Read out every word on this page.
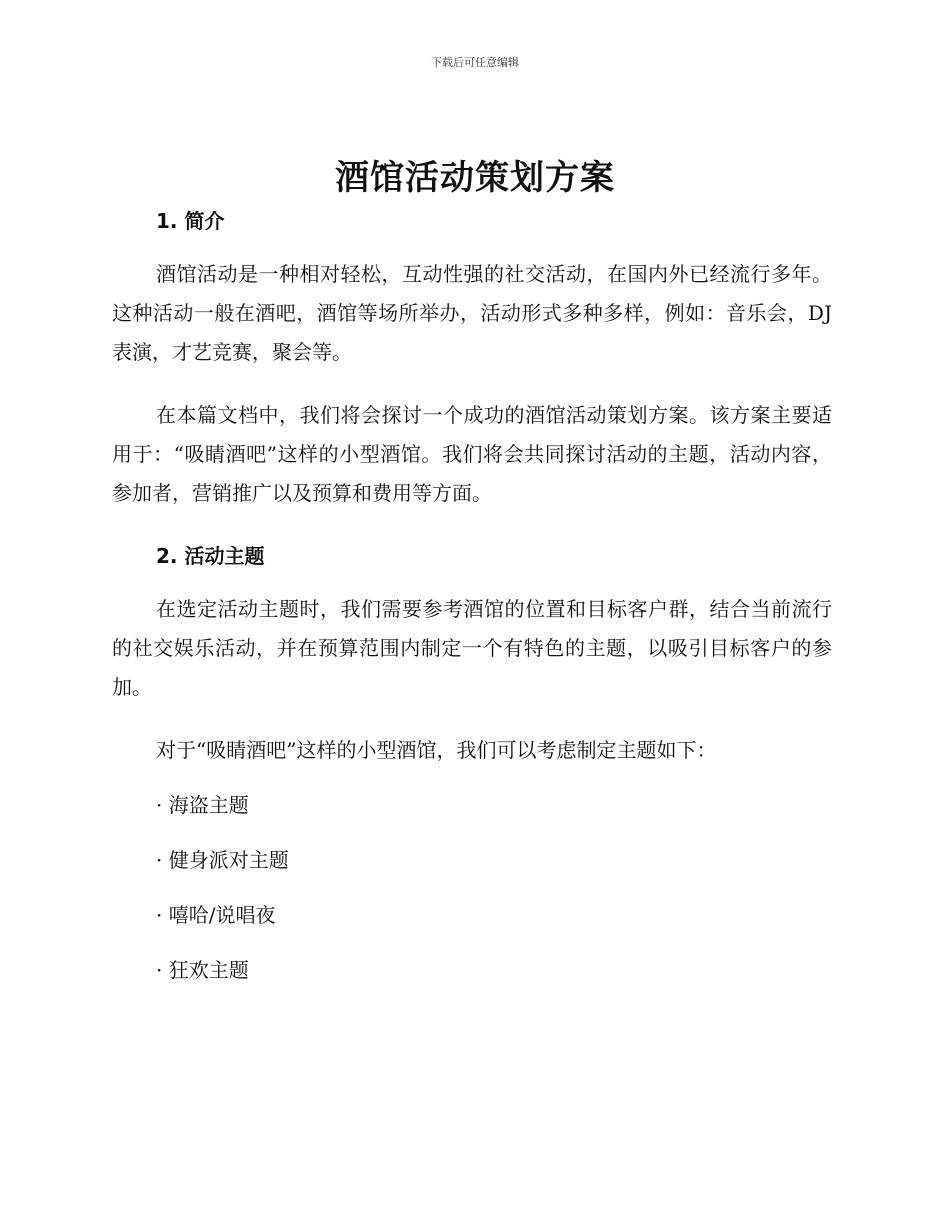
下载后可任意编辑
酒馆活动策划方案
1. 简介

酒馆活动是一种相对轻松，互动性强的社交活动，在国内外已经流行多年。这种活动一般在酒吧，酒馆等场所举办，活动形式多种多样，例如：音乐会，DJ 表演，才艺竞赛，聚会等。

在本篇文档中，我们将会探讨一个成功的酒馆活动策划方案。该方案主要适用于：“吸睛酒吧”这样的小型酒馆。我们将会共同探讨活动的主题，活动内容，参加者，营销推广以及预算和费用等方面。

2. 活动主题

在选定活动主题时，我们需要参考酒馆的位置和目标客户群，结合当前流行的社交娱乐活动，并在预算范围内制定一个有特色的主题，以吸引目标客户的参加。

对于“吸睛酒吧”这样的小型酒馆，我们可以考虑制定主题如下：

· 海盗主题

· 健身派对主题

· 嘻哈/说唱夜

· 狂欢主题
